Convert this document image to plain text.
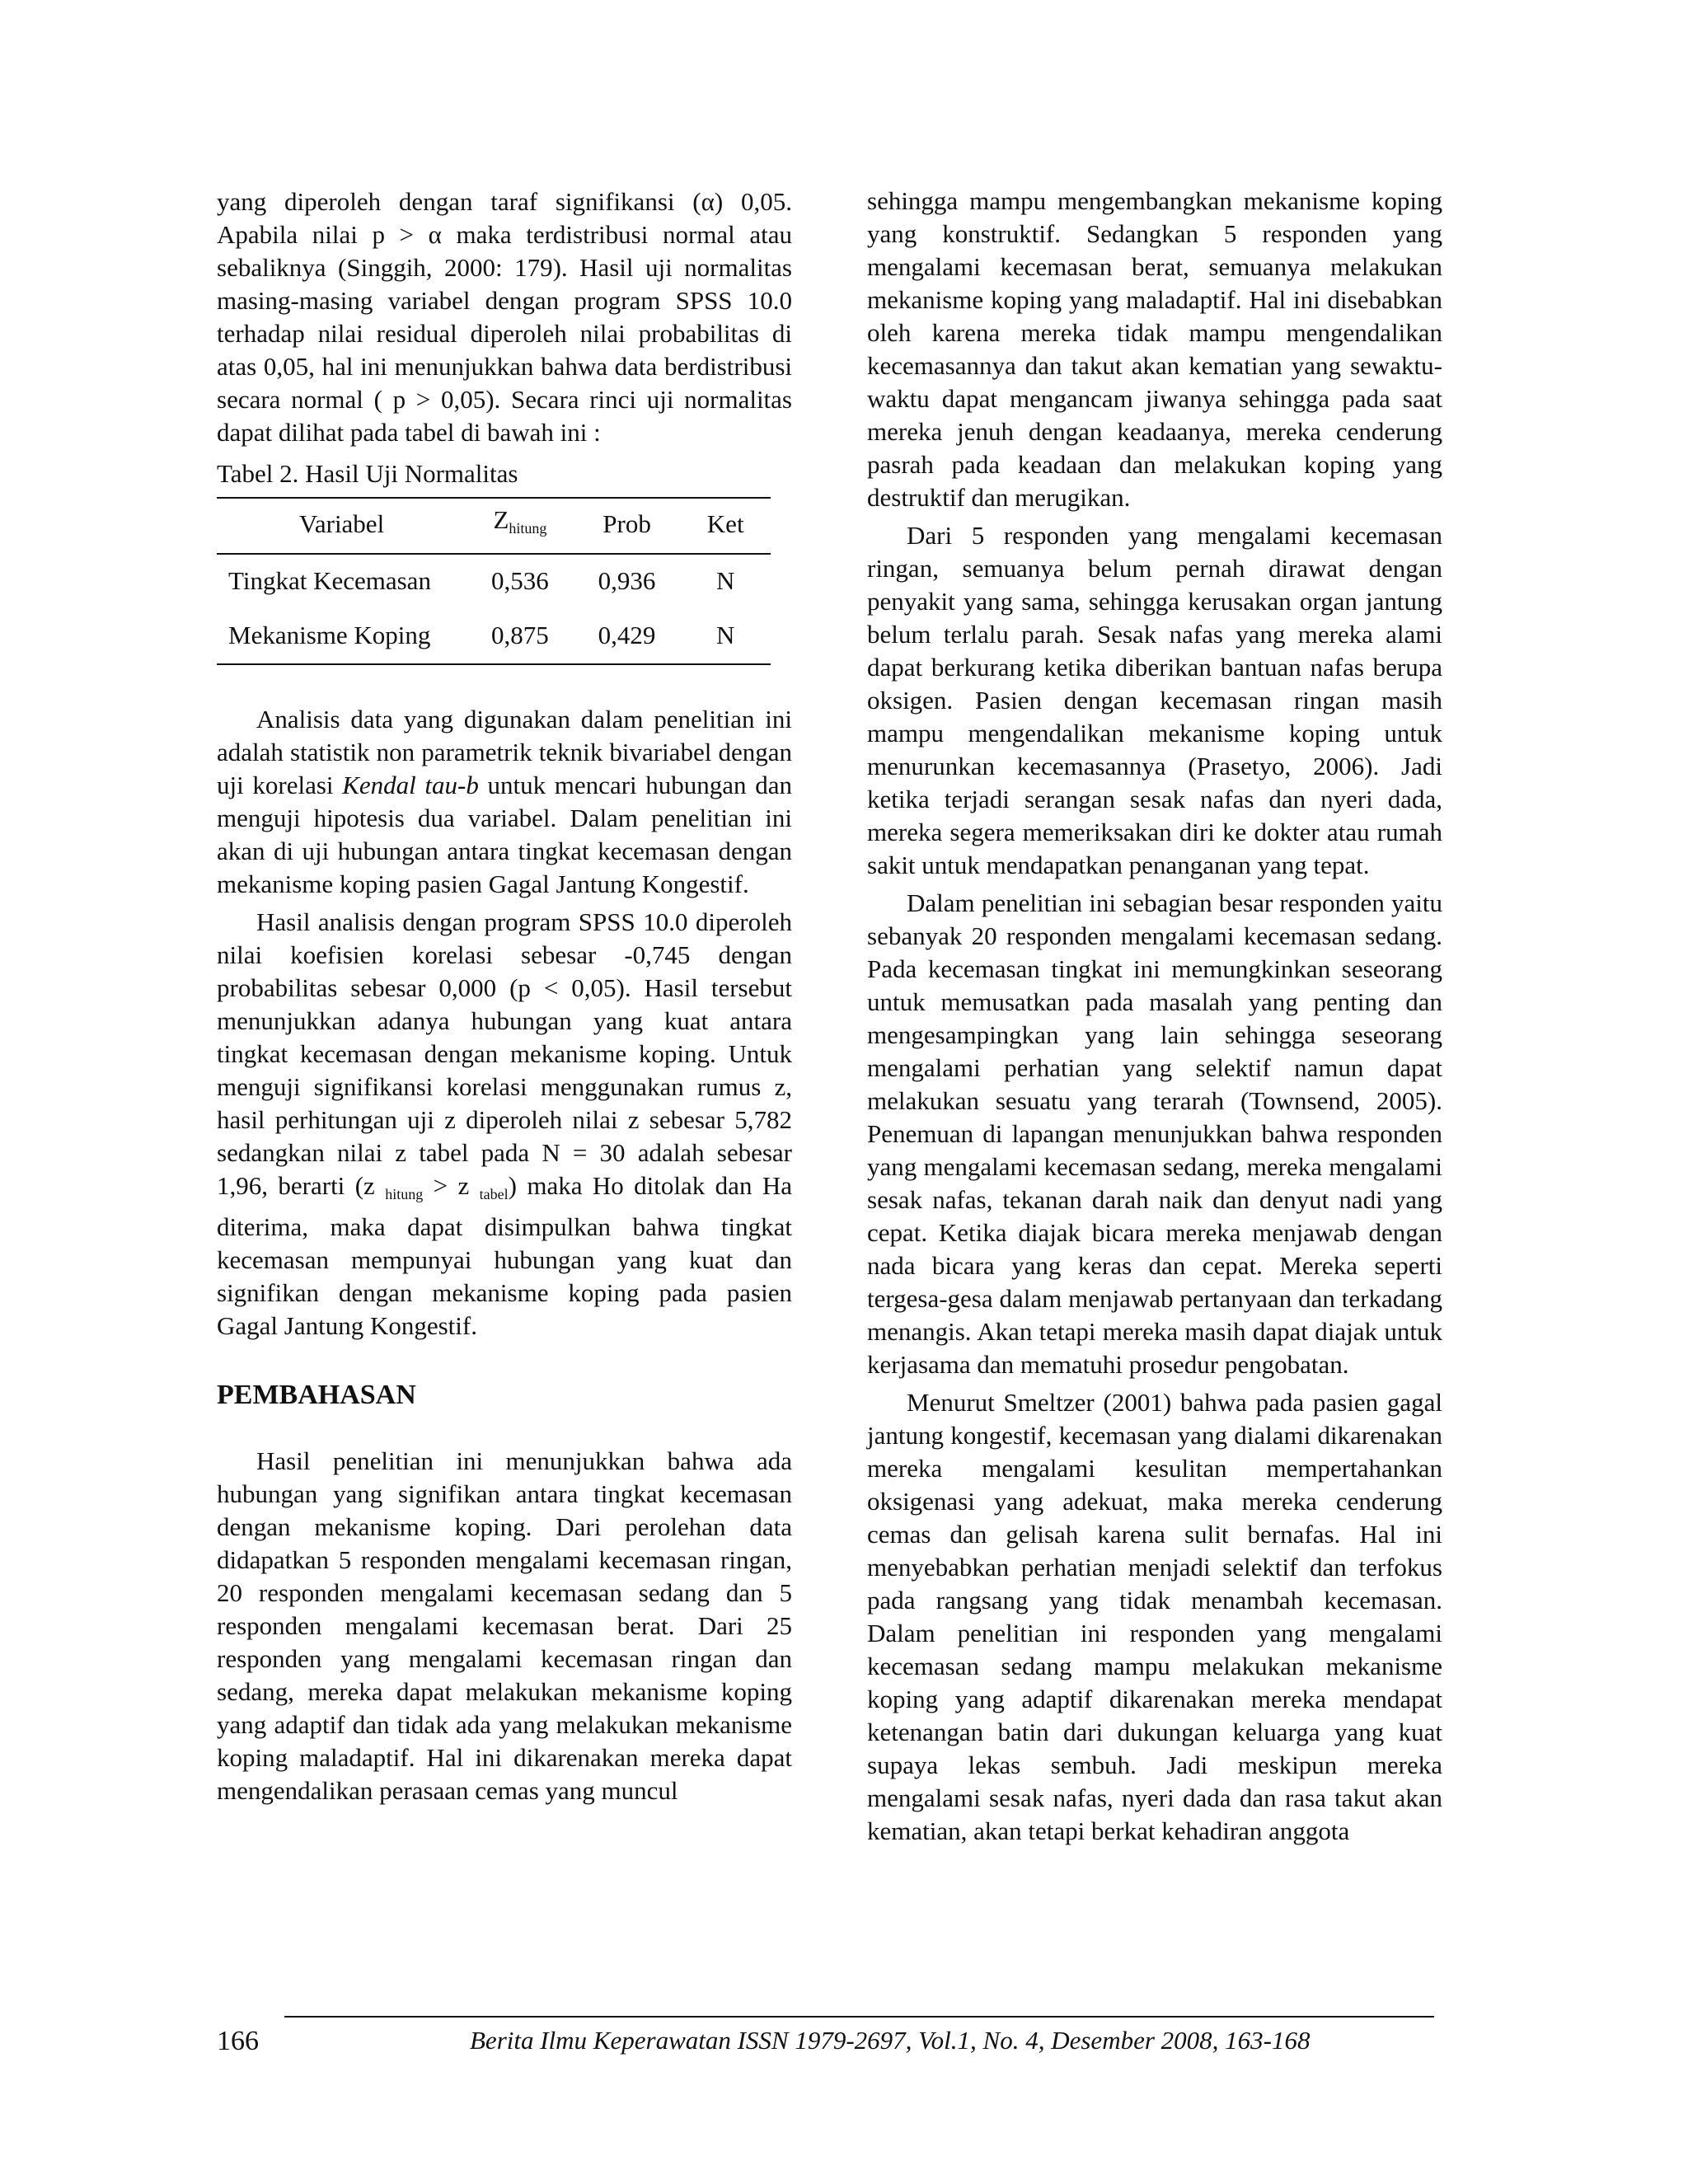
yang diperoleh dengan taraf signifikansi (α) 0,05. Apabila nilai p > α maka terdistribusi normal atau sebaliknya (Singgih, 2000: 179). Hasil uji normalitas masing-masing variabel dengan program SPSS 10.0 terhadap nilai residual diperoleh nilai probabilitas di atas 0,05, hal ini menunjukkan bahwa data berdistribusi secara normal ( p > 0,05). Secara rinci uji normalitas dapat dilihat pada tabel di bawah ini :

Tabel 2. Hasil Uji Normalitas

Variabel	$Z_{hitung}$	Prob	Ket
Tingkat Kecemasan	0,536	0,936	N
Mekanisme Koping	0,875	0,429	N

Analisis data yang digunakan dalam penelitian ini adalah statistik non parametrik teknik bivariabel dengan uji korelasi Kendal tau-b untuk mencari hubungan dan menguji hipotesis dua variabel. Dalam penelitian ini akan di uji hubungan antara tingkat kecemasan dengan mekanisme koping pasien Gagal Jantung Kongestif.

Hasil analisis dengan program SPSS 10.0 diperoleh nilai koefisien korelasi sebesar -0,745 dengan probabilitas sebesar 0,000 (p < 0,05). Hasil tersebut menunjukkan adanya hubungan yang kuat antara tingkat kecemasan dengan mekanisme koping. Untuk menguji signifikansi korelasi menggunakan rumus z, hasil perhitungan uji z diperoleh nilai z sebesar 5,782 sedangkan nilai z tabel pada N = 30 adalah sebesar 1,96, berarti (z $_{hitung}$ > z $_{tabel}$) maka Ho ditolak dan Ha diterima, maka dapat disimpulkan bahwa tingkat kecemasan mempunyai hubungan yang kuat dan signifikan dengan mekanisme koping pada pasien Gagal Jantung Kongestif.

PEMBAHASAN

Hasil penelitian ini menunjukkan bahwa ada hubungan yang signifikan antara tingkat kecemasan dengan mekanisme koping. Dari perolehan data didapatkan 5 responden mengalami kecemasan ringan, 20 responden mengalami kecemasan sedang dan 5 responden mengalami kecemasan berat. Dari 25 responden yang mengalami kecemasan ringan dan sedang, mereka dapat melakukan mekanisme koping yang adaptif dan tidak ada yang melakukan mekanisme koping maladaptif. Hal ini dikarenakan mereka dapat mengendalikan perasaan cemas yang muncul

sehingga mampu mengembangkan mekanisme koping yang konstruktif. Sedangkan 5 responden yang mengalami kecemasan berat, semuanya melakukan mekanisme koping yang maladaptif. Hal ini disebabkan oleh karena mereka tidak mampu mengendalikan kecemasannya dan takut akan kematian yang sewaktu-waktu dapat mengancam jiwanya sehingga pada saat mereka jenuh dengan keadaanya, mereka cenderung pasrah pada keadaan dan melakukan koping yang destruktif dan merugikan.

Dari 5 responden yang mengalami kecemasan ringan, semuanya belum pernah dirawat dengan penyakit yang sama, sehingga kerusakan organ jantung belum terlalu parah. Sesak nafas yang mereka alami dapat berkurang ketika diberikan bantuan nafas berupa oksigen. Pasien dengan kecemasan ringan masih mampu mengendalikan mekanisme koping untuk menurunkan kecemasannya (Prasetyo, 2006). Jadi ketika terjadi serangan sesak nafas dan nyeri dada, mereka segera memeriksakan diri ke dokter atau rumah sakit untuk mendapatkan penanganan yang tepat.

Dalam penelitian ini sebagian besar responden yaitu sebanyak 20 responden mengalami kecemasan sedang. Pada kecemasan tingkat ini memungkinkan seseorang untuk memusatkan pada masalah yang penting dan mengesampingkan yang lain sehingga seseorang mengalami perhatian yang selektif namun dapat melakukan sesuatu yang terarah (Townsend, 2005). Penemuan di lapangan menunjukkan bahwa responden yang mengalami kecemasan sedang, mereka mengalami sesak nafas, tekanan darah naik dan denyut nadi yang cepat. Ketika diajak bicara mereka menjawab dengan nada bicara yang keras dan cepat. Mereka seperti tergesa-gesa dalam menjawab pertanyaan dan terkadang menangis. Akan tetapi mereka masih dapat diajak untuk kerjasama dan mematuhi prosedur pengobatan.

Menurut Smeltzer (2001) bahwa pada pasien gagal jantung kongestif, kecemasan yang dialami dikarenakan mereka mengalami kesulitan mempertahankan oksigenasi yang adekuat, maka mereka cenderung cemas dan gelisah karena sulit bernafas. Hal ini menyebabkan perhatian menjadi selektif dan terfokus pada rangsang yang tidak menambah kecemasan. Dalam penelitian ini responden yang mengalami kecemasan sedang mampu melakukan mekanisme koping yang adaptif dikarenakan mereka mendapat ketenangan batin dari dukungan keluarga yang kuat supaya lekas sembuh. Jadi meskipun mereka mengalami sesak nafas, nyeri dada dan rasa takut akan kematian, akan tetapi berkat kehadiran anggota

166	Berita Ilmu Keperawatan ISSN 1979-2697, Vol.1, No. 4, Desember 2008, 163-168
